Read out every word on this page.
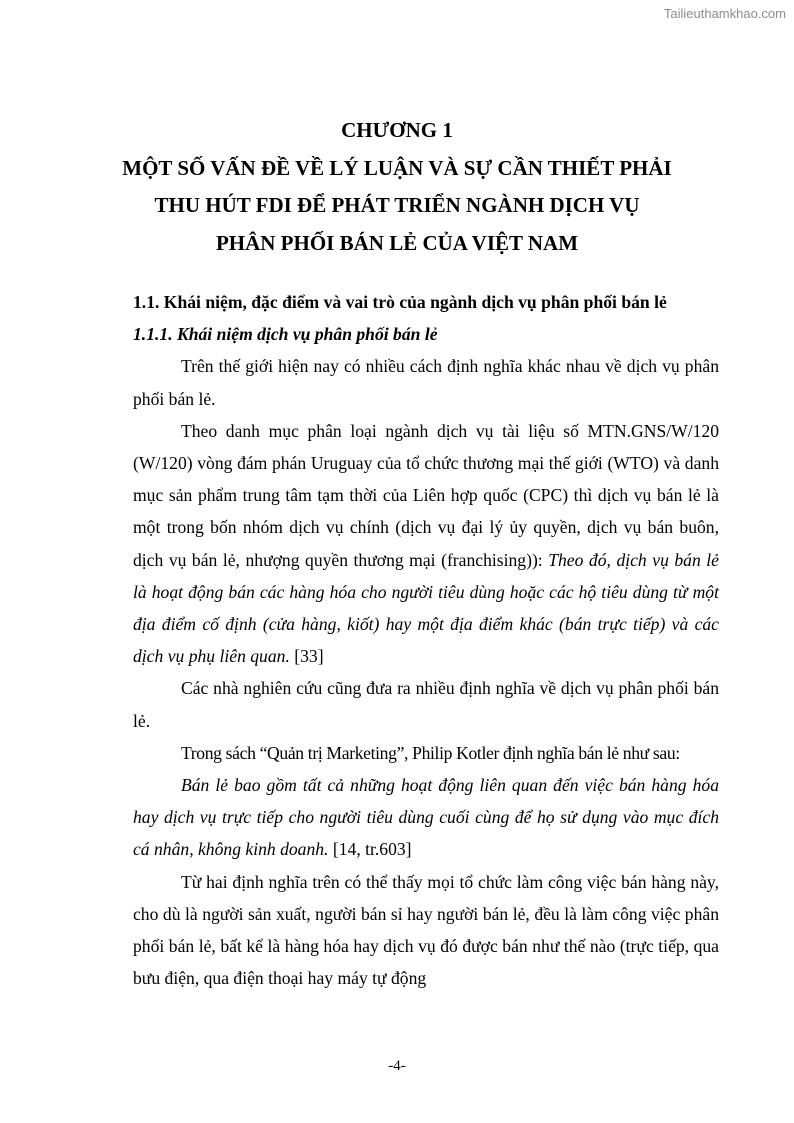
Tailieuthamkhao.com
CHƯƠNG 1
MỘT SỐ VẤN ĐỀ VỀ LÝ LUẬN VÀ SỰ CẦN THIẾT PHẢI
THU HÚT FDI ĐỂ PHÁT TRIỂN NGÀNH DỊCH VỤ
PHÂN PHỐI BÁN LẺ CỦA VIỆT NAM

1.1. Khái niệm, đặc điểm và vai trò của ngành dịch vụ phân phối bán lẻ

1.1.1. Khái niệm dịch vụ phân phối bán lẻ

Trên thế giới hiện nay có nhiều cách định nghĩa khác nhau về dịch vụ phân phối bán lẻ.

Theo danh mục phân loại ngành dịch vụ tài liệu số MTN.GNS/W/120 (W/120) vòng đám phán Uruguay của tổ chức thương mại thế giới (WTO) và danh mục sản phẩm trung tâm tạm thời của Liên hợp quốc (CPC) thì dịch vụ bán lẻ là một trong bốn nhóm dịch vụ chính (dịch vụ đại lý ủy quyền, dịch vụ bán buôn, dịch vụ bán lẻ, nhượng quyền thương mại (franchising)): Theo đó, dịch vụ bán lẻ là hoạt động bán các hàng hóa cho người tiêu dùng hoặc các hộ tiêu dùng từ một địa điểm cố định (cửa hàng, kiốt) hay một địa điểm khác (bán trực tiếp) và các dịch vụ phụ liên quan. [33]

Các nhà nghiên cứu cũng đưa ra nhiều định nghĩa về dịch vụ phân phối bán lẻ.

Trong sách “Quản trị Marketing”, Philip Kotler định nghĩa bán lẻ như sau:

Bán lẻ bao gồm tất cả những hoạt động liên quan đến việc bán hàng hóa hay dịch vụ trực tiếp cho người tiêu dùng cuối cùng để họ sử dụng vào mục đích cá nhân, không kinh doanh. [14, tr.603]

Từ hai định nghĩa trên có thể thấy mọi tổ chức làm công việc bán hàng này, cho dù là người sản xuất, người bán sỉ hay người bán lẻ, đều là làm công việc phân phối bán lẻ, bất kể là hàng hóa hay dịch vụ đó được bán như thế nào (trực tiếp, qua bưu điện, qua điện thoại hay máy tự động

-4-
